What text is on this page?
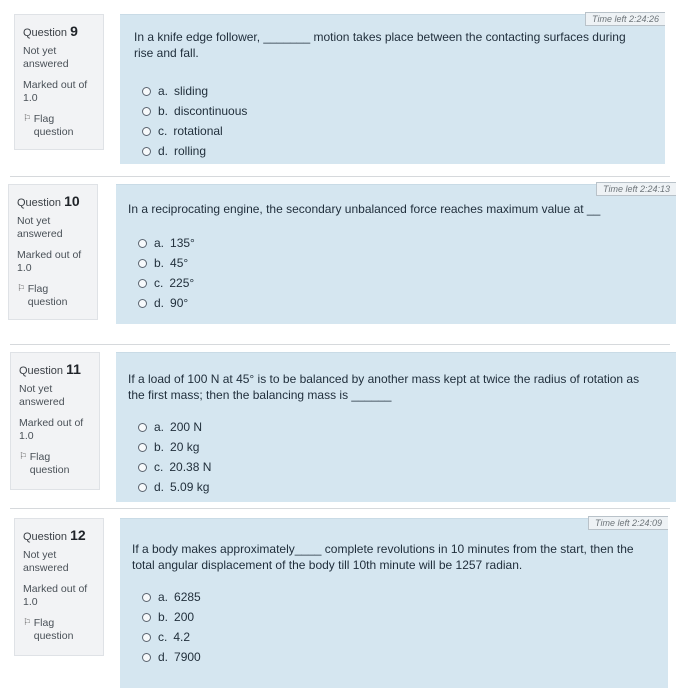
Question 9
Not yet answered
Marked out of
1.0
⚐ Flag question
Time left 2:24:26
In a knife edge follower, _______ motion takes place between the contacting surfaces during rise and fall.
a. sliding
b. discontinuous
c. rotational
d. rolling
Question 10
Not yet answered
Marked out of
1.0
⚐ Flag question
Time left 2:24:13
In a reciprocating engine, the secondary unbalanced force reaches maximum value at __
a. 135°
b. 45°
c. 225°
d. 90°
Question 11
Not yet answered
Marked out of
1.0
⚐ Flag question
If a load of 100 N at 45° is to be balanced by another mass kept at twice the radius of rotation as the first mass; then the balancing mass is ______
a. 200 N
b. 20 kg
c. 20.38 N
d. 5.09 kg
Question 12
Not yet answered
Marked out of
1.0
⚐ Flag question
Time left 2:24:09
If a body makes approximately____ complete revolutions in 10 minutes from the start, then the total angular displacement of the body till 10th minute will be 1257 radian.
a. 6285
b. 200
c. 4.2
d. 7900
